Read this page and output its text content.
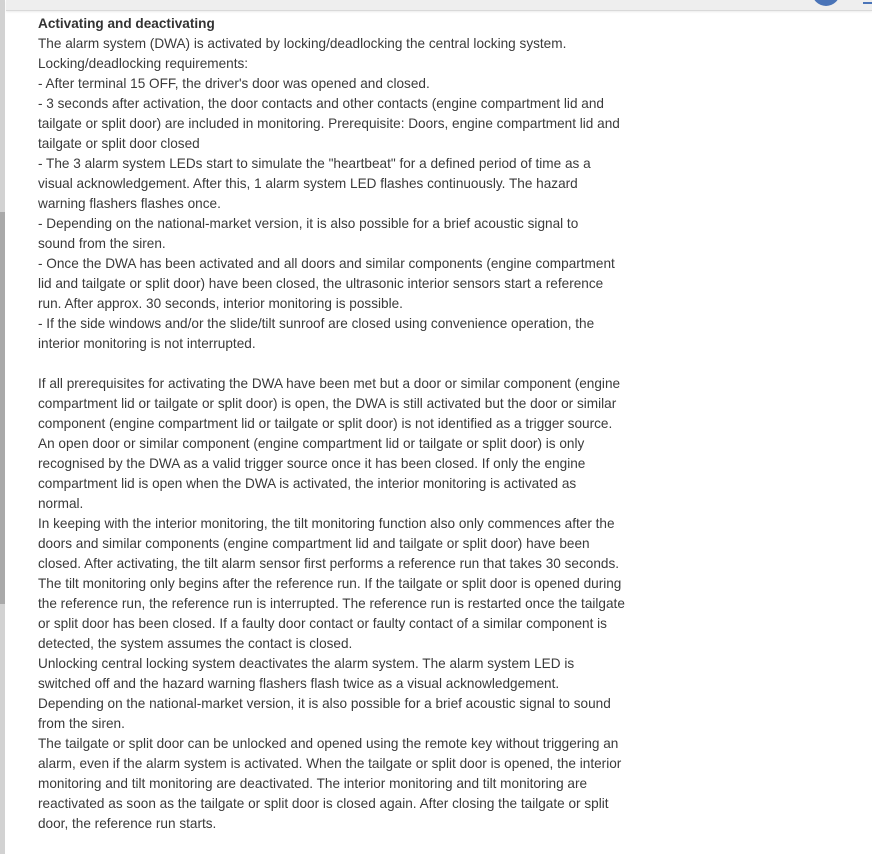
Activating and deactivating
The alarm system (DWA) is activated by locking/deadlocking the central locking system.
Locking/deadlocking requirements:
- After terminal 15 OFF, the driver's door was opened and closed.
- 3 seconds after activation, the door contacts and other contacts (engine compartment lid and
tailgate or split door) are included in monitoring. Prerequisite: Doors, engine compartment lid and
tailgate or split door closed
- The 3 alarm system LEDs start to simulate the "heartbeat" for a defined period of time as a
visual acknowledgement. After this, 1 alarm system LED flashes continuously. The hazard
warning flashers flashes once.
- Depending on the national-market version, it is also possible for a brief acoustic signal to
sound from the siren.
- Once the DWA has been activated and all doors and similar components (engine compartment
lid and tailgate or split door) have been closed, the ultrasonic interior sensors start a reference
run. After approx. 30 seconds, interior monitoring is possible.
- If the side windows and/or the slide/tilt sunroof are closed using convenience operation, the
interior monitoring is not interrupted.
If all prerequisites for activating the DWA have been met but a door or similar component (engine
compartment lid or tailgate or split door) is open, the DWA is still activated but the door or similar
component (engine compartment lid or tailgate or split door) is not identified as a trigger source.
An open door or similar component (engine compartment lid or tailgate or split door) is only
recognised by the DWA as a valid trigger source once it has been closed. If only the engine
compartment lid is open when the DWA is activated, the interior monitoring is activated as
normal.
In keeping with the interior monitoring, the tilt monitoring function also only commences after the
doors and similar components (engine compartment lid and tailgate or split door) have been
closed. After activating, the tilt alarm sensor first performs a reference run that takes 30 seconds.
The tilt monitoring only begins after the reference run. If the tailgate or split door is opened during
the reference run, the reference run is interrupted. The reference run is restarted once the tailgate
or split door has been closed. If a faulty door contact or faulty contact of a similar component is
detected, the system assumes the contact is closed.
Unlocking central locking system deactivates the alarm system. The alarm system LED is
switched off and the hazard warning flashers flash twice as a visual acknowledgement.
Depending on the national-market version, it is also possible for a brief acoustic signal to sound
from the siren.
The tailgate or split door can be unlocked and opened using the remote key without triggering an
alarm, even if the alarm system is activated. When the tailgate or split door is opened, the interior
monitoring and tilt monitoring are deactivated. The interior monitoring and tilt monitoring are
reactivated as soon as the tailgate or split door is closed again. After closing the tailgate or split
door, the reference run starts.
